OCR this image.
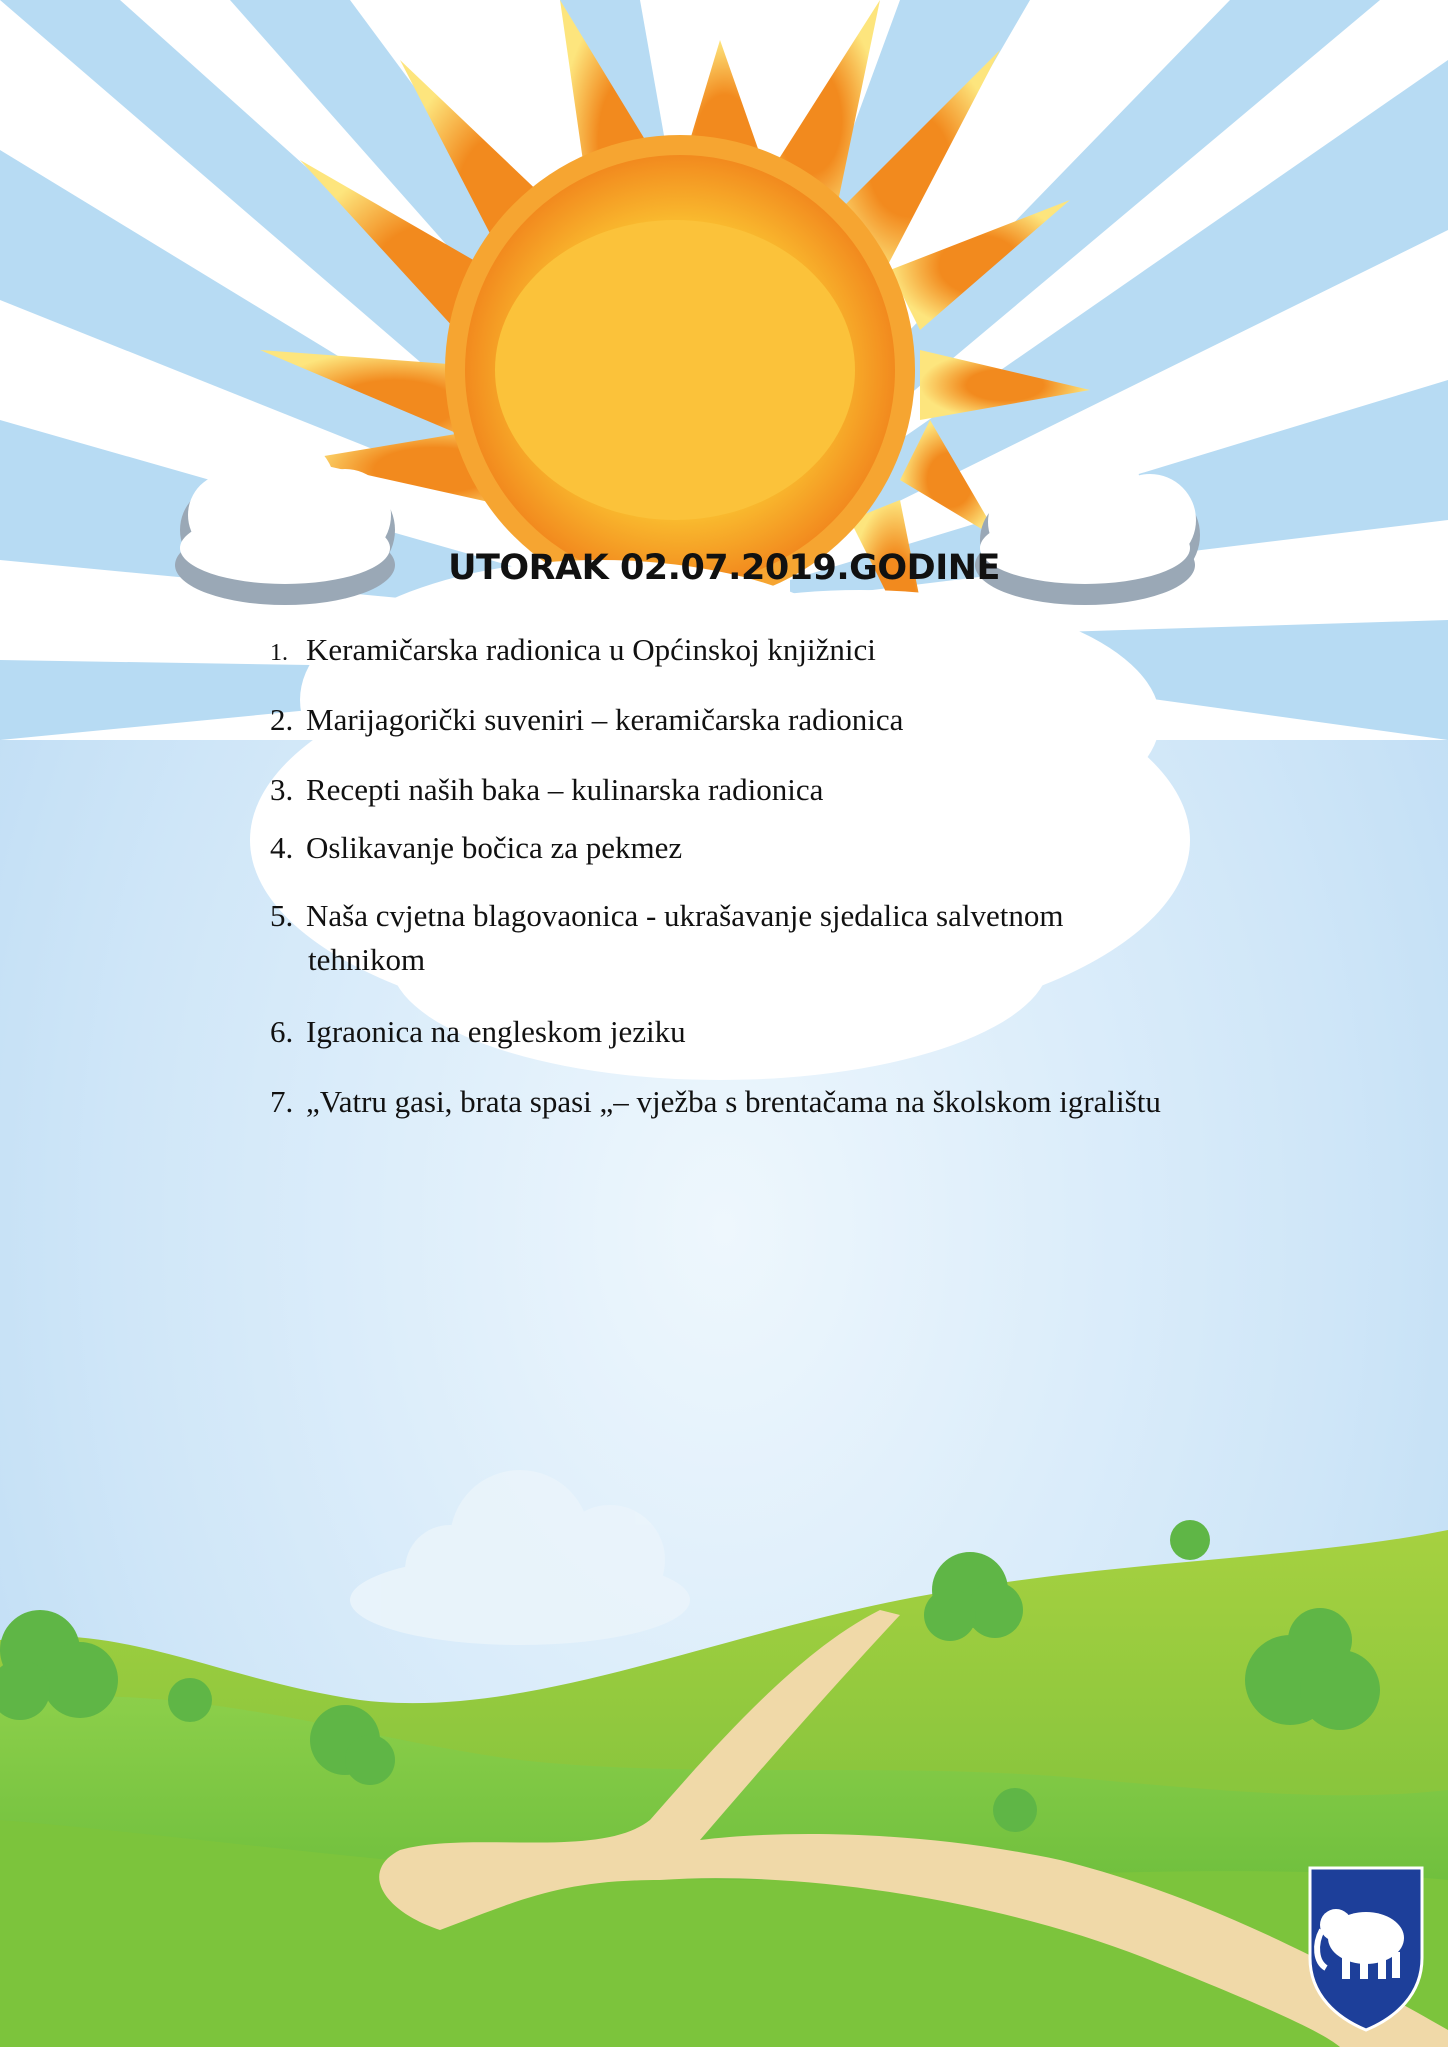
UTORAK 02.07.2019.GODINE
1. Keramičarska radionica u Općinskoj knjižnici
2. Marijagorički suveniri – keramičarska radionica
3. Recepti naših baka – kulinarska radionica
4. Oslikavanje bočica za pekmez
5. Naša cvjetna blagovaonica - ukrašavanje sjedalica salvetnom
tehnikom
6. Igraonica na engleskom jeziku
7. „Vatru gasi, brata spasi „– vježba s brentačama na školskom igralištu
